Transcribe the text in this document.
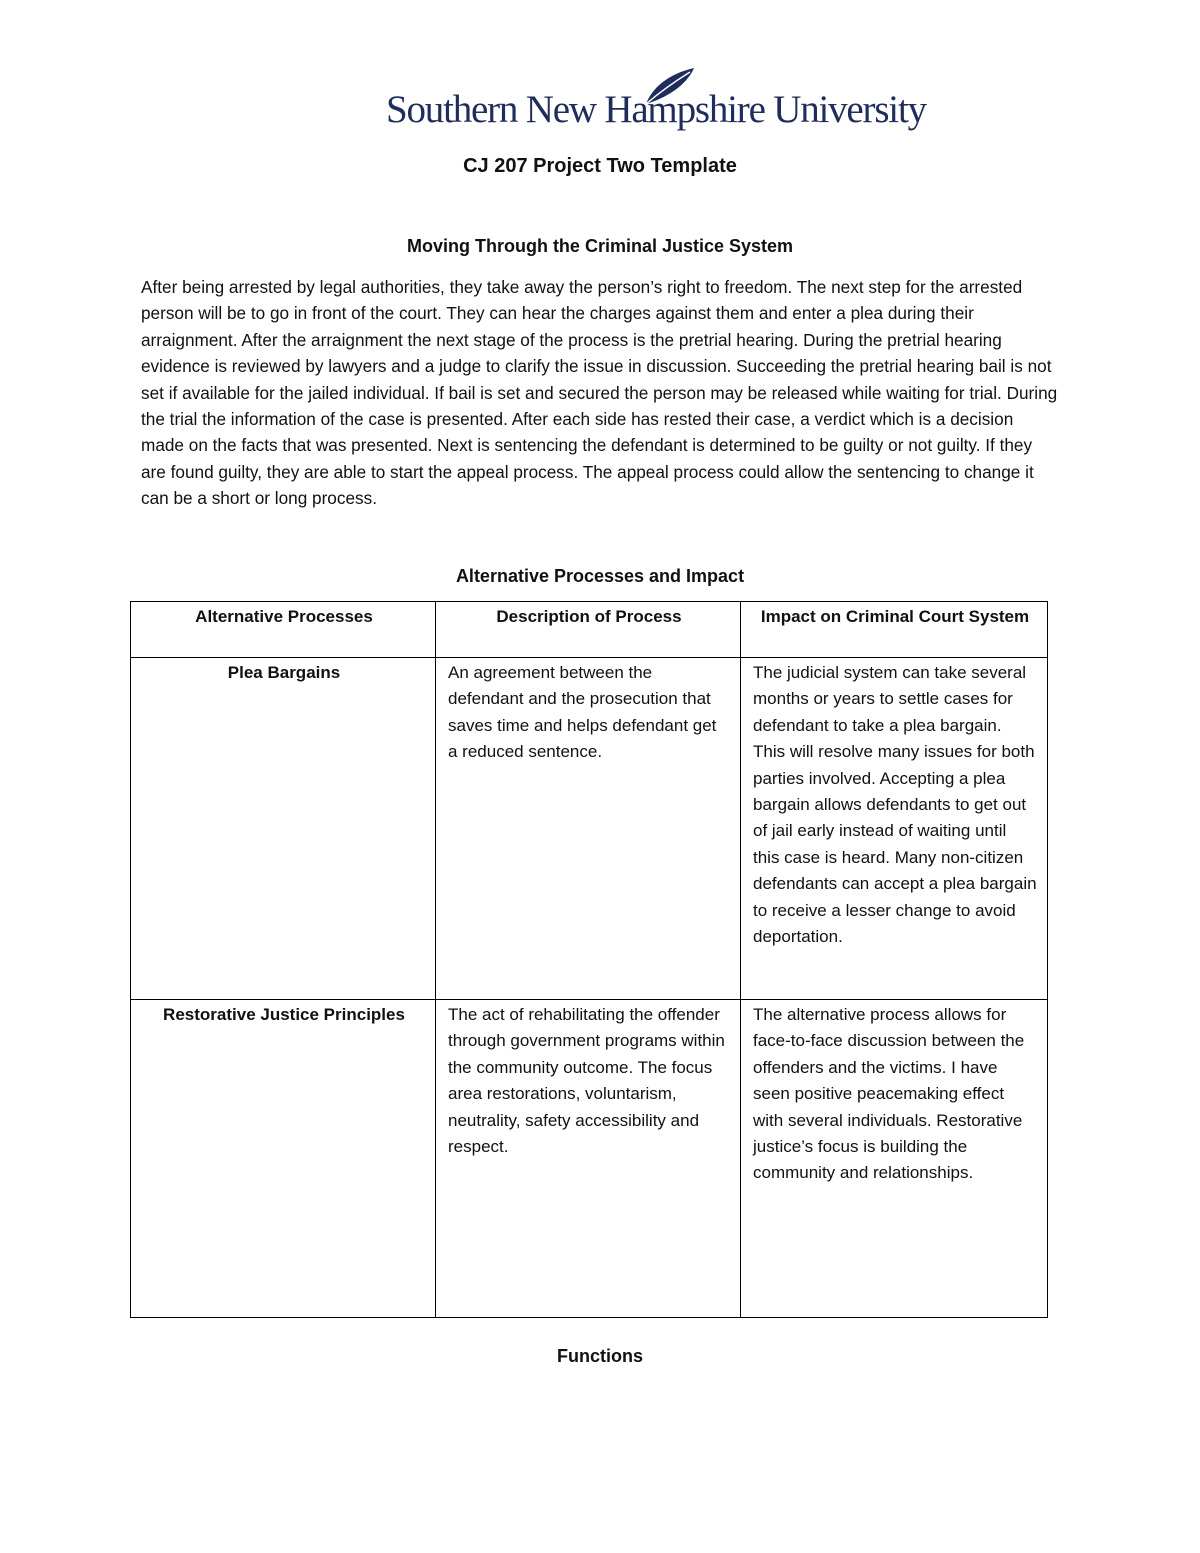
Southern New Hampshire University
CJ 207 Project Two Template
Moving Through the Criminal Justice System

After being arrested by legal authorities, they take away the person’s right to freedom. The next step for the arrested person will be to go in front of the court. They can hear the charges against them and enter a plea during their arraignment. After the arraignment the next stage of the process is the pretrial hearing. During the pretrial hearing evidence is reviewed by lawyers and a judge to clarify the issue in discussion. Succeeding the pretrial hearing bail is not set if available for the jailed individual. If bail is set and secured the person may be released while waiting for trial. During the trial the information of the case is presented. After each side has rested their case, a verdict which is a decision made on the facts that was presented. Next is sentencing the defendant is determined to be guilty or not guilty. If they are found guilty, they are able to start the appeal process. The appeal process could allow the sentencing to change it can be a short or long process.

Alternative Processes and Impact
Alternative Processes	Description of Process	Impact on Criminal Court System
Plea Bargains	An agreement between the defendant and the prosecution that saves time and helps defendant get a reduced sentence.	The judicial system can take several months or years to settle cases for defendant to take a plea bargain. This will resolve many issues for both parties involved. Accepting a plea bargain allows defendants to get out of jail early instead of waiting until this case is heard. Many non-citizen defendants can accept a plea bargain to receive a lesser change to avoid deportation.
Restorative Justice Principles	The act of rehabilitating the offender through government programs within the community outcome. The focus area restorations, voluntarism, neutrality, safety accessibility and respect.	The alternative process allows for face-to-face discussion between the offenders and the victims. I have seen positive peacemaking effect with several individuals. Restorative justice’s focus is building the community and relationships.
Functions
